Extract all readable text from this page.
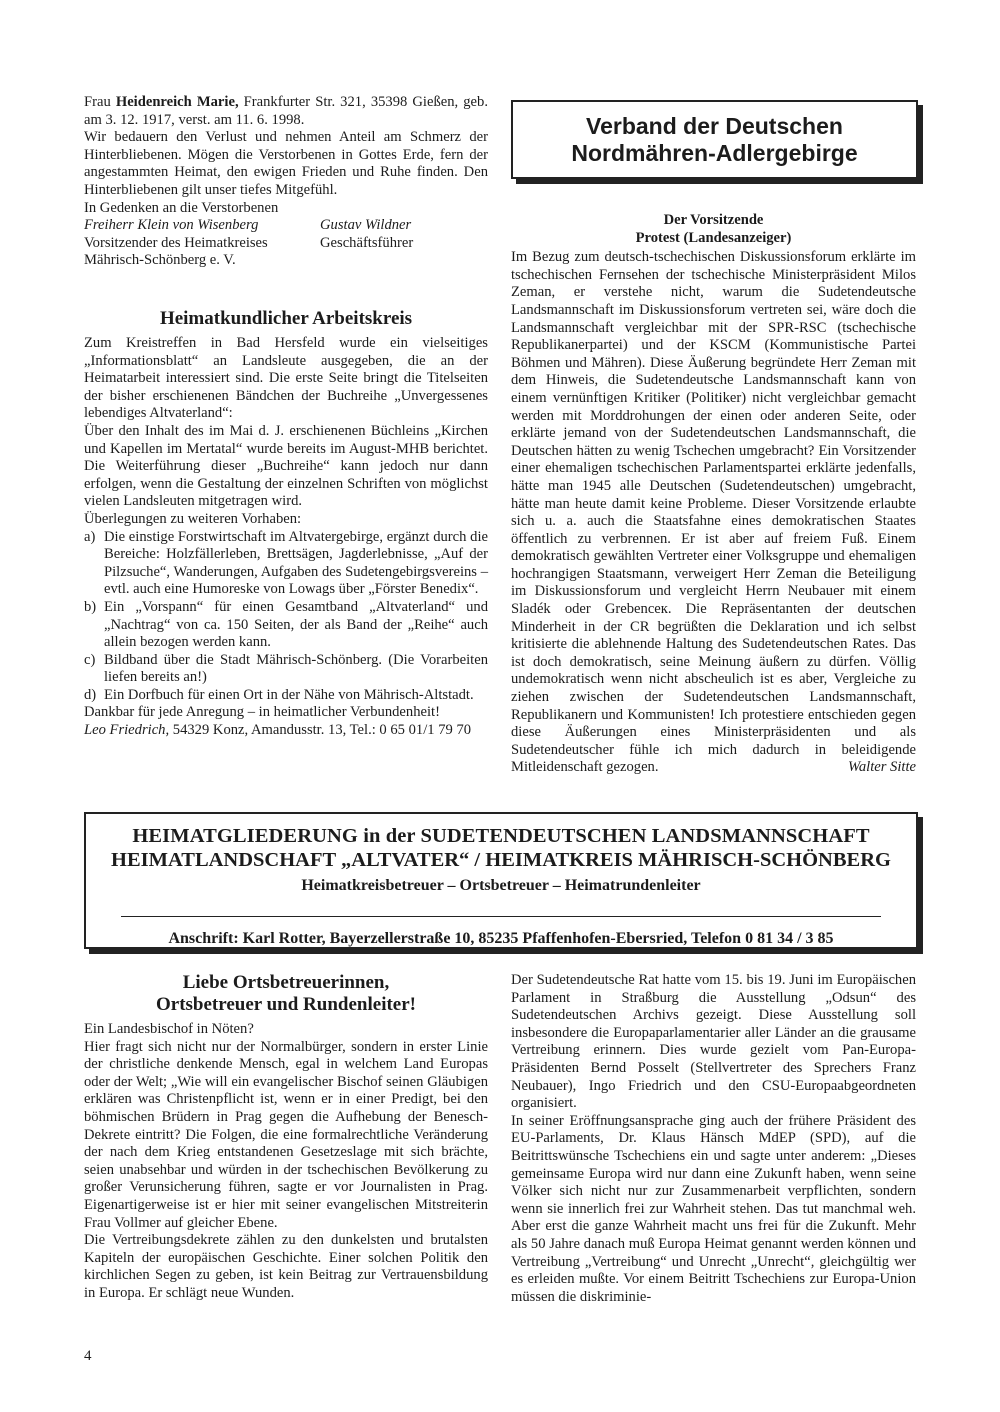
Frau Heidenreich Marie, Frankfurter Str. 321, 35398 Gießen, geb. am 3. 12. 1917, verst. am 11. 6. 1998.

Wir bedauern den Verlust und nehmen Anteil am Schmerz der Hinterbliebenen. Mögen die Verstorbenen in Gottes Erde, fern der angestammten Heimat, den ewigen Frieden und Ruhe finden. Den Hinterbliebenen gilt unser tiefes Mitgefühl.

In Gedenken an die Verstorbenen

Freiherr Klein von Wisenberg	Gustav Wildner
Vorsitzender des Heimatkreises	Geschäftsführer

Mährisch-Schönberg e. V.

Heimatkundlicher Arbeitskreis

Zum Kreistreffen in Bad Hersfeld wurde ein vielseitiges „Informationsblatt“ an Landsleute ausgegeben, die an der Heimatarbeit interessiert sind. Die erste Seite bringt die Titelseiten der bisher erschienenen Bändchen der Buchreihe „Unvergessenes lebendiges Altvaterland“:

Über den Inhalt des im Mai d. J. erschienenen Büchleins „Kirchen und Kapellen im Mertatal“ wurde bereits im August-MHB berichtet. Die Weiterführung dieser „Buchreihe“ kann jedoch nur dann erfolgen, wenn die Gestaltung der einzelnen Schriften von möglichst vielen Landsleuten mitgetragen wird.

Überlegungen zu weiteren Vorhaben:

a) Die einstige Forstwirtschaft im Altvatergebirge, ergänzt durch die Bereiche: Holzfällerleben, Brettsägen, Jagderlebnisse, „Auf der Pilzsuche“, Wanderungen, Aufgaben des Sudetengebirgsvereins – evtl. auch eine Humoreske von Lowags über „Förster Benedix“.
b) Ein „Vorspann“ für einen Gesamtband „Altvaterland“ und „Nachtrag“ von ca. 150 Seiten, der als Band der „Reihe“ auch allein bezogen werden kann.
c) Bildband über die Stadt Mährisch-Schönberg. (Die Vorarbeiten liefen bereits an!)
d) Ein Dorfbuch für einen Ort in der Nähe von Mährisch-Altstadt.

Dankbar für jede Anregung – in heimatlicher Verbundenheit!

Leo Friedrich, 54329 Konz, Amandusstr. 13, Tel.: 0 65 01/1 79 70

Verband der Deutschen
Nordmähren-Adlergebirge
Der Vorsitzende
Protest (Landesanzeiger)

Im Bezug zum deutsch-tschechischen Diskussionsforum erklärte im tschechischen Fernsehen der tschechische Ministerpräsident Milos Zeman, er verstehe nicht, warum die Sudetendeutsche Landsmannschaft im Diskussionsforum vertreten sei, wäre doch die Landsmannschaft vergleichbar mit der SPR-RSC (tschechische Republikanerpartei) und der KSCM (Kommunistische Partei Böhmen und Mähren). Diese Äußerung begründete Herr Zeman mit dem Hinweis, die Sudetendeutsche Landsmannschaft kann von einem vernünftigen Kritiker (Politiker) nicht vergleichbar gemacht werden mit Morddrohungen der einen oder anderen Seite, oder erklärte jemand von der Sudetendeutschen Landsmannschaft, die Deutschen hätten zu wenig Tschechen umgebracht? Ein Vorsitzender einer ehemaligen tschechischen Parlamentspartei erklärte jedenfalls, hätte man 1945 alle Deutschen (Sudetendeutschen) umgebracht, hätte man heute damit keine Probleme. Dieser Vorsitzende erlaubte sich u. a. auch die Staatsfahne eines demokratischen Staates öffentlich zu verbrennen. Er ist aber auf freiem Fuß. Einem demokratisch gewählten Vertreter einer Volksgruppe und ehemaligen hochrangigen Staatsmann, verweigert Herr Zeman die Beteiligung im Diskussionsforum und vergleicht Herrn Neubauer mit einem Sladék oder Grebenceк. Die Repräsentanten der deutschen Minderheit in der CR begrüßten die Deklaration und ich selbst kritisierte die ablehnende Haltung des Sudetendeutschen Rates. Das ist doch demokratisch, seine Meinung äußern zu dürfen. Völlig undemokratisch wenn nicht abscheulich ist es aber, Vergleiche zu ziehen zwischen der Sudetendeutschen Landsmannschaft, Republikanern und Kommunisten! Ich protestiere entschieden gegen diese Äußerungen eines Ministerpräsidenten und als Sudetendeutscher fühle ich mich dadurch in beleidigende Mitleidenschaft gezogen.	Walter Sitte
HEIMATGLIEDERUNG in der SUDETENDEUTSCHEN LANDSMANNSCHAFT
HEIMATLANDSCHAFT „ALTVATER“ / HEIMATKREIS MÄHRISCH-SCHÖNBERG
Heimatkreisbetreuer – Ortsbetreuer – Heimatrundenleiter
Anschrift: Karl Rotter, Bayerzellerstraße 10, 85235 Pfaffenhofen-Ebersried, Telefon 0 81 34 / 3 85
Liebe Ortsbetreuerinnen,
Ortsbetreuer und Rundenleiter!

Ein Landesbischof in Nöten?

Hier fragt sich nicht nur der Normalbürger, sondern in erster Linie der christliche denkende Mensch, egal in welchem Land Europas oder der Welt; „Wie will ein evangelischer Bischof seinen Gläubigen erklären was Christenpflicht ist, wenn er in einer Predigt, bei den böhmischen Brüdern in Prag gegen die Aufhebung der Benesch-Dekrete eintritt? Die Folgen, die eine formalrechtliche Veränderung der nach dem Krieg entstandenen Gesetzeslage mit sich brächte, seien unabsehbar und würden in der tschechischen Bevölkerung zu großer Verunsicherung führen, sagte er vor Journalisten in Prag. Eigenartigerweise ist er hier mit seiner evangelischen Mitstreiterin Frau Vollmer auf gleicher Ebene.

Die Vertreibungsdekrete zählen zu den dunkelsten und brutalsten Kapiteln der europäischen Geschichte. Einer solchen Politik den kirchlichen Segen zu geben, ist kein Beitrag zur Vertrauensbildung in Europa. Er schlägt neue Wunden.

Der Sudetendeutsche Rat hatte vom 15. bis 19. Juni im Europäischen Parlament in Straßburg die Ausstellung „Odsun“ des Sudetendeutschen Archivs gezeigt. Diese Ausstellung soll insbesondere die Europaparlamentarier aller Länder an die grausame Vertreibung erinnern. Dies wurde gezielt vom Pan-Europa-Präsidenten Bernd Posselt (Stellvertreter des Sprechers Franz Neubauer), Ingo Friedrich und den CSU-Europaabgeordneten organisiert.

In seiner Eröffnungsansprache ging auch der frühere Präsident des EU-Parlaments, Dr. Klaus Hänsch MdEP (SPD), auf die Beitrittswünsche Tschechiens ein und sagte unter anderem: „Dieses gemeinsame Europa wird nur dann eine Zukunft haben, wenn seine Völker sich nicht nur zur Zusammenarbeit verpflichten, sondern wenn sie innerlich frei zur Wahrheit stehen. Das tut manchmal weh. Aber erst die ganze Wahrheit macht uns frei für die Zukunft. Mehr als 50 Jahre danach muß Europa Heimat genannt werden können und Vertreibung „Vertreibung“ und Unrecht „Unrecht“, gleichgültig wer es erleiden mußte. Vor einem Beitritt Tschechiens zur Europa-Union müssen die diskriminie-

4
